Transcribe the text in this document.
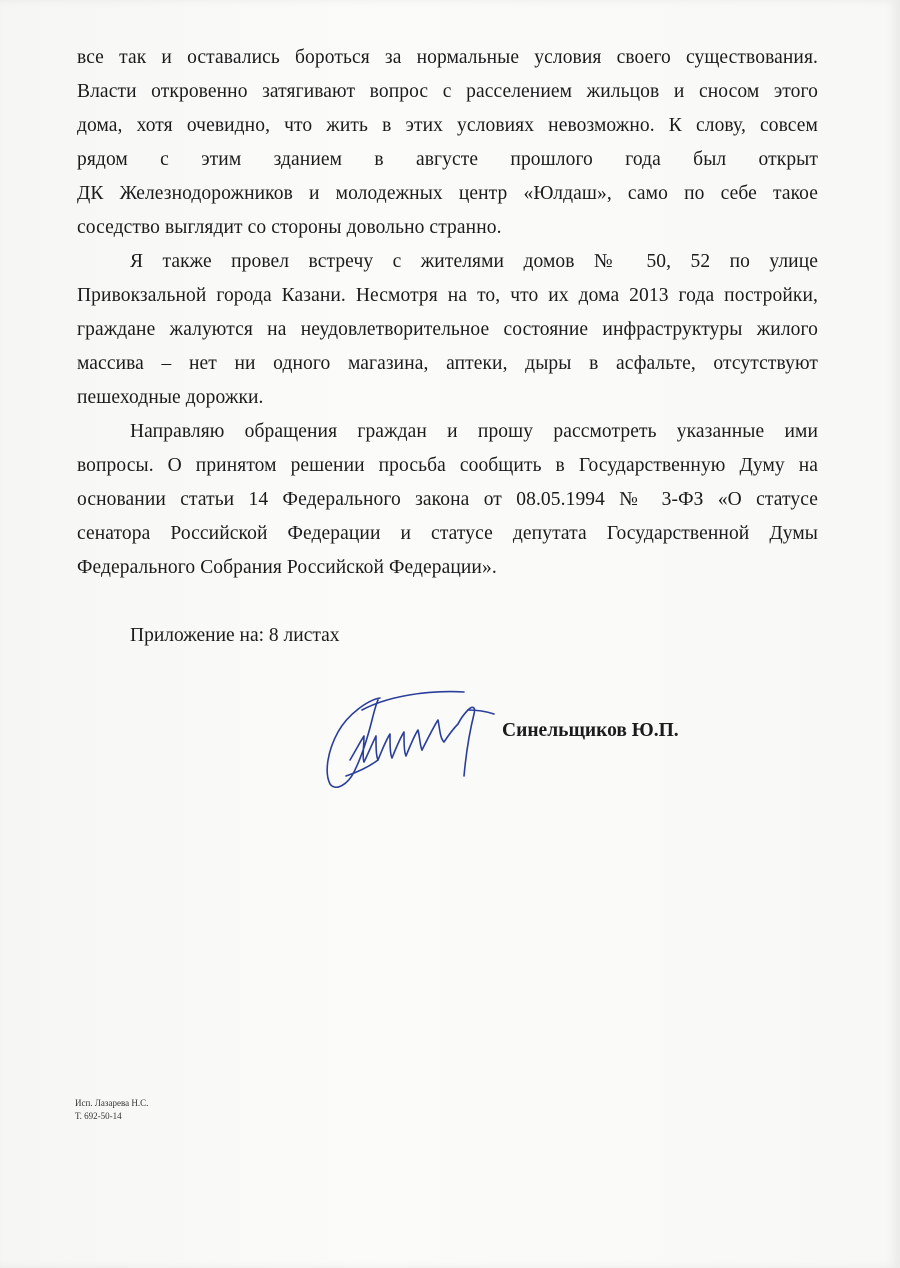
все так и оставались бороться за нормальные условия своего существования.
Власти откровенно затягивают вопрос с расселением жильцов и сносом этого
дома, хотя очевидно, что жить в этих условиях невозможно. К слову, совсем
рядом с этим зданием в августе прошлого года был открыт
ДК Железнодорожников и молодежных центр «Юлдаш», само по себе такое
соседство выглядит со стороны довольно странно.
Я также провел встречу с жителями домов № 50, 52 по улице
Привокзальной города Казани. Несмотря на то, что их дома 2013 года постройки,
граждане жалуются на неудовлетворительное состояние инфраструктуры жилого
массива – нет ни одного магазина, аптеки, дыры в асфальте, отсутствуют
пешеходные дорожки.
Направляю обращения граждан и прошу рассмотреть указанные ими
вопросы. О принятом решении просьба сообщить в Государственную Думу на
основании статьи 14 Федерального закона от 08.05.1994 № 3-ФЗ «О статусе
сенатора Российской Федерации и статусе депутата Государственной Думы
Федерального Собрания Российской Федерации».
Приложение на: 8 листах
Синельщиков Ю.П.
Исп. Лазарева Н.С.
Т. 692-50-14
